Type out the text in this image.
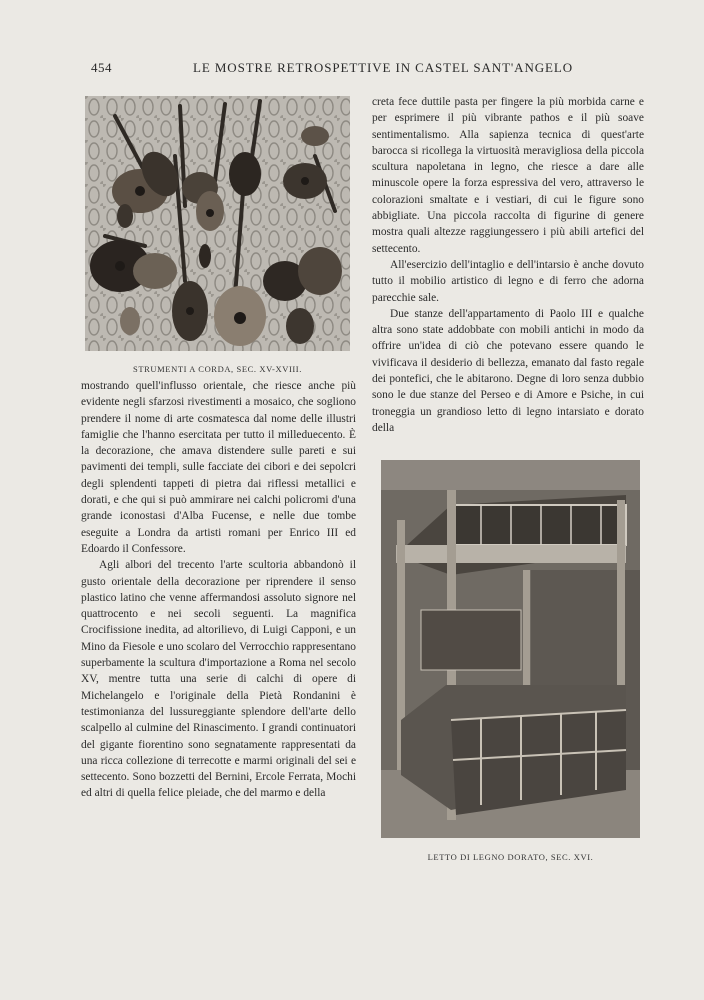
454	LE MOSTRE RETROSPETTIVE IN CASTEL SANT'ANGELO
STRUMENTI A CORDA, SEC. XV-XVIII.

creta fece duttile pasta per fingere la più morbida carne e per esprimere il più vibrante pathos e il più soave sentimentalismo. Alla sapienza tecnica di quest'arte barocca si ricollega la virtuosità meravigliosa della piccola scultura napoletana in legno, che riesce a dare alle minuscole opere la forza espressiva del vero, attraverso le colorazioni smaltate e i vestiari, di cui le figure sono abbigliate. Una piccola raccolta di figurine di genere mostra quali altezze raggiungessero i più abili artefici del settecento.

All'esercizio dell'intaglio e dell'intarsio è anche dovuto tutto il mobilio artistico di legno e di ferro che adorna parecchie sale.

Due stanze dell'appartamento di Paolo III e qualche altra sono state addobbate con mobili antichi in modo da offrire un'idea di ciò che potevano essere quando le vivificava il desiderio di bellezza, emanato dal fasto regale dei pontefici, che le abitarono. Degne di loro senza dubbio sono le due stanze del Perseo e di Amore e Psiche, in cui troneggia un grandioso letto di legno intarsiato e dorato della

mostrando quell'influsso orientale, che riesce anche più evidente negli sfarzosi rivestimenti a mosaico, che sogliono prendere il nome di arte cosmatesca dal nome delle illustri famiglie che l'hanno esercitata per tutto il milleduecento. È la decorazione, che amava distendere sulle pareti e sui pavimenti dei templi, sulle facciate dei cibori e dei sepolcri degli splendenti tappeti di pietra dai riflessi metallici e dorati, e che qui si può ammirare nei calchi policromi d'una grande iconostasi d'Alba Fucense, e nelle due tombe eseguite a Londra da artisti romani per Enrico III ed Edoardo il Confessore.

Agli albori del trecento l'arte scultoria abbandonò il gusto orientale della decorazione per riprendere il senso plastico latino che venne affermandosi assoluto signore nel quattrocento e nei secoli seguenti. La magnifica Crocifissione inedita, ad altorilievo, di Luigi Capponi, e un Mino da Fiesole e uno scolaro del Verrocchio rappresentano superbamente la scultura d'importazione a Roma nel secolo XV, mentre tutta una serie di calchi di opere di Michelangelo e l'originale della Pietà Rondanini è testimonianza del lussureggiante splendore dell'arte dello scalpello al culmine del Rinascimento. I grandi continuatori del gigante fiorentino sono segnatamente rappresentati da una ricca collezione di terrecotte e marmi originali del sei e settecento. Sono bozzetti del Bernini, Ercole Ferrata, Mochi ed altri di quella felice pleiade, che del marmo e della

LETTO DI LEGNO DORATO, SEC. XVI.
